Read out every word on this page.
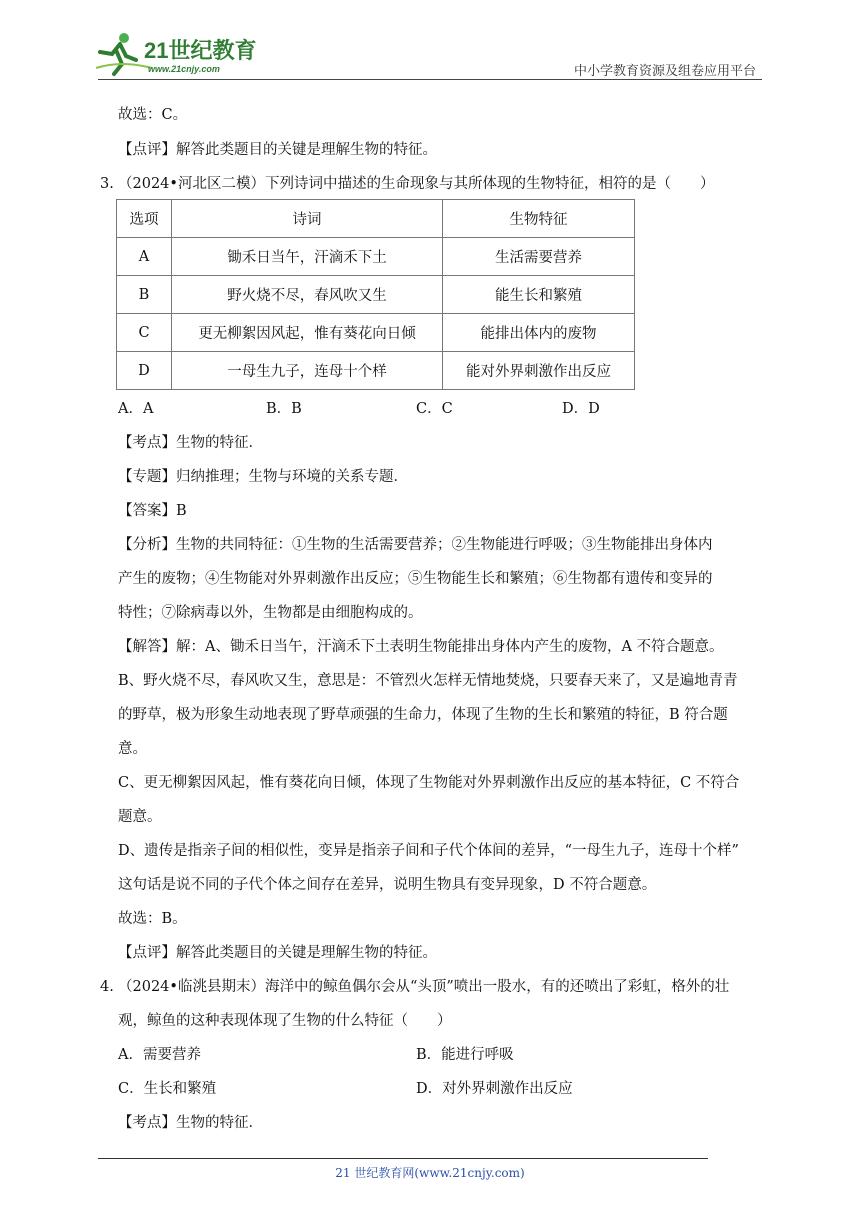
21世纪教育
www.21cnjy.com	中小学教育资源及组卷应用平台
故选：C。
【点评】解答此类题目的关键是理解生物的特征。
3. （2024•河北区二模）下列诗词中描述的生命现象与其所体现的生物特征，相符的是（　　）
选项	诗词	生物特征
A	锄禾日当午，汗滴禾下土	生活需要营养
B	野火烧不尽，春风吹又生	能生长和繁殖
C	更无柳絮因风起，惟有葵花向日倾	能排出体内的废物
D	一母生九子，连母十个样	能对外界刺激作出反应
A．A	B．B	C．C	D．D
【考点】生物的特征．
【专题】归纳推理；生物与环境的关系专题．
【答案】B
【分析】生物的共同特征：①生物的生活需要营养；②生物能进行呼吸；③生物能排出身体内
产生的废物；④生物能对外界刺激作出反应；⑤生物能生长和繁殖；⑥生物都有遗传和变异的
特性；⑦除病毒以外，生物都是由细胞构成的。
【解答】解：A、锄禾日当午，汗滴禾下土表明生物能排出身体内产生的废物，A 不符合题意。
B、野火烧不尽，春风吹又生，意思是：不管烈火怎样无情地焚烧，只要春天来了，又是遍地青青
的野草，极为形象生动地表现了野草顽强的生命力，体现了生物的生长和繁殖的特征，B 符合题
意。
C、更无柳絮因风起，惟有葵花向日倾，体现了生物能对外界刺激作出反应的基本特征，C 不符合
题意。
D、遗传是指亲子间的相似性，变异是指亲子间和子代个体间的差异，“一母生九子，连母十个样”
这句话是说不同的子代个体之间存在差异，说明生物具有变异现象，D 不符合题意。
故选：B。
【点评】解答此类题目的关键是理解生物的特征。
4. （2024•临洮县期末）海洋中的鲸鱼偶尔会从“头顶”喷出一股水，有的还喷出了彩虹，格外的壮
观，鲸鱼的这种表现体现了生物的什么特征（　　）
A．需要营养	B．能进行呼吸
C．生长和繁殖	D．对外界刺激作出反应
【考点】生物的特征．
21 世纪教育网(www.21cnjy.com)
